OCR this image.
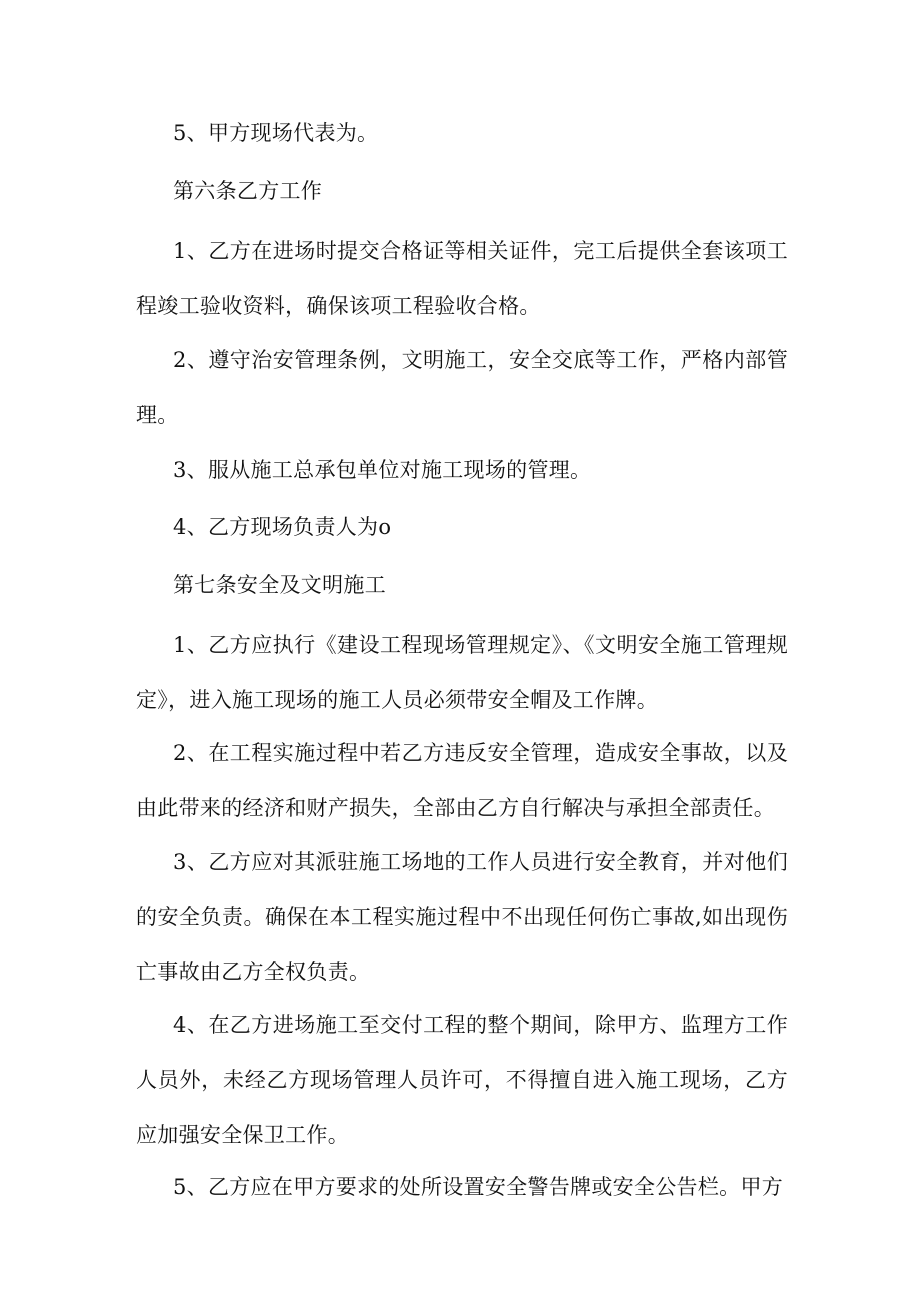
5、甲方现场代表为。

第六条乙方工作

1、乙方在进场时提交合格证等相关证件，完工后提供全套该项工程竣工验收资料，确保该项工程验收合格。

2、遵守治安管理条例，文明施工，安全交底等工作，严格内部管理。

3、服从施工总承包单位对施工现场的管理。

4、乙方现场负责人为o

第七条安全及文明施工

1、乙方应执行《建设工程现场管理规定》、《文明安全施工管理规定》，进入施工现场的施工人员必须带安全帽及工作牌。

2、在工程实施过程中若乙方违反安全管理，造成安全事故，以及由此带来的经济和财产损失，全部由乙方自行解决与承担全部责任。

3、乙方应对其派驻施工场地的工作人员进行安全教育，并对他们的安全负责。确保在本工程实施过程中不出现任何伤亡事故,如出现伤亡事故由乙方全权负责。

4、在乙方进场施工至交付工程的整个期间，除甲方、监理方工作人员外，未经乙方现场管理人员许可，不得擅自进入施工现场，乙方应加强安全保卫工作。

5、乙方应在甲方要求的处所设置安全警告牌或安全公告栏。甲方
